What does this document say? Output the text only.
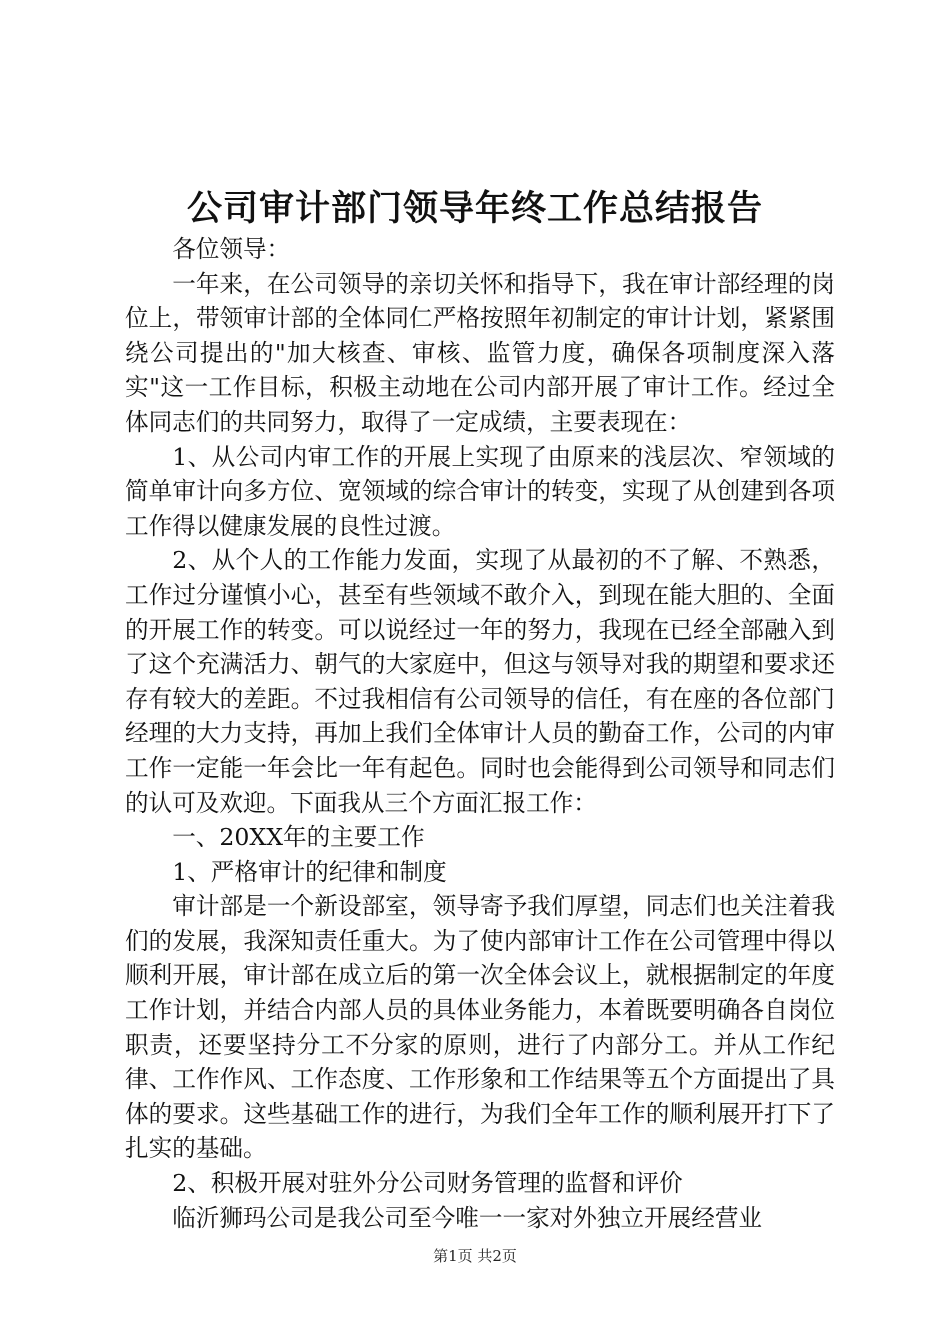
公司审计部门领导年终工作总结报告

各位领导：

一年来，在公司领导的亲切关怀和指导下，我在审计部经理的岗位上，带领审计部的全体同仁严格按照年初制定的审计计划，紧紧围绕公司提出的"加大核查、审核、监管力度，确保各项制度深入落实"这一工作目标，积极主动地在公司内部开展了审计工作。经过全体同志们的共同努力，取得了一定成绩，主要表现在：

1、从公司内审工作的开展上实现了由原来的浅层次、窄领域的简单审计向多方位、宽领域的综合审计的转变，实现了从创建到各项工作得以健康发展的良性过渡。

2、从个人的工作能力发面，实现了从最初的不了解、不熟悉，工作过分谨慎小心，甚至有些领域不敢介入，到现在能大胆的、全面的开展工作的转变。可以说经过一年的努力，我现在已经全部融入到了这个充满活力、朝气的大家庭中，但这与领导对我的期望和要求还存有较大的差距。不过我相信有公司领导的信任，有在座的各位部门经理的大力支持，再加上我们全体审计人员的勤奋工作，公司的内审工作一定能一年会比一年有起色。同时也会能得到公司领导和同志们的认可及欢迎。下面我从三个方面汇报工作：

一、20XX年的主要工作

1、严格审计的纪律和制度

审计部是一个新设部室，领导寄予我们厚望，同志们也关注着我们的发展，我深知责任重大。为了使内部审计工作在公司管理中得以顺利开展，审计部在成立后的第一次全体会议上，就根据制定的年度工作计划，并结合内部人员的具体业务能力，本着既要明确各自岗位职责，还要坚持分工不分家的原则，进行了内部分工。并从工作纪律、工作作风、工作态度、工作形象和工作结果等五个方面提出了具体的要求。这些基础工作的进行，为我们全年工作的顺利展开打下了扎实的基础。

2、积极开展对驻外分公司财务管理的监督和评价

临沂狮玛公司是我公司至今唯一一家对外独立开展经营业

第1页 共2页
